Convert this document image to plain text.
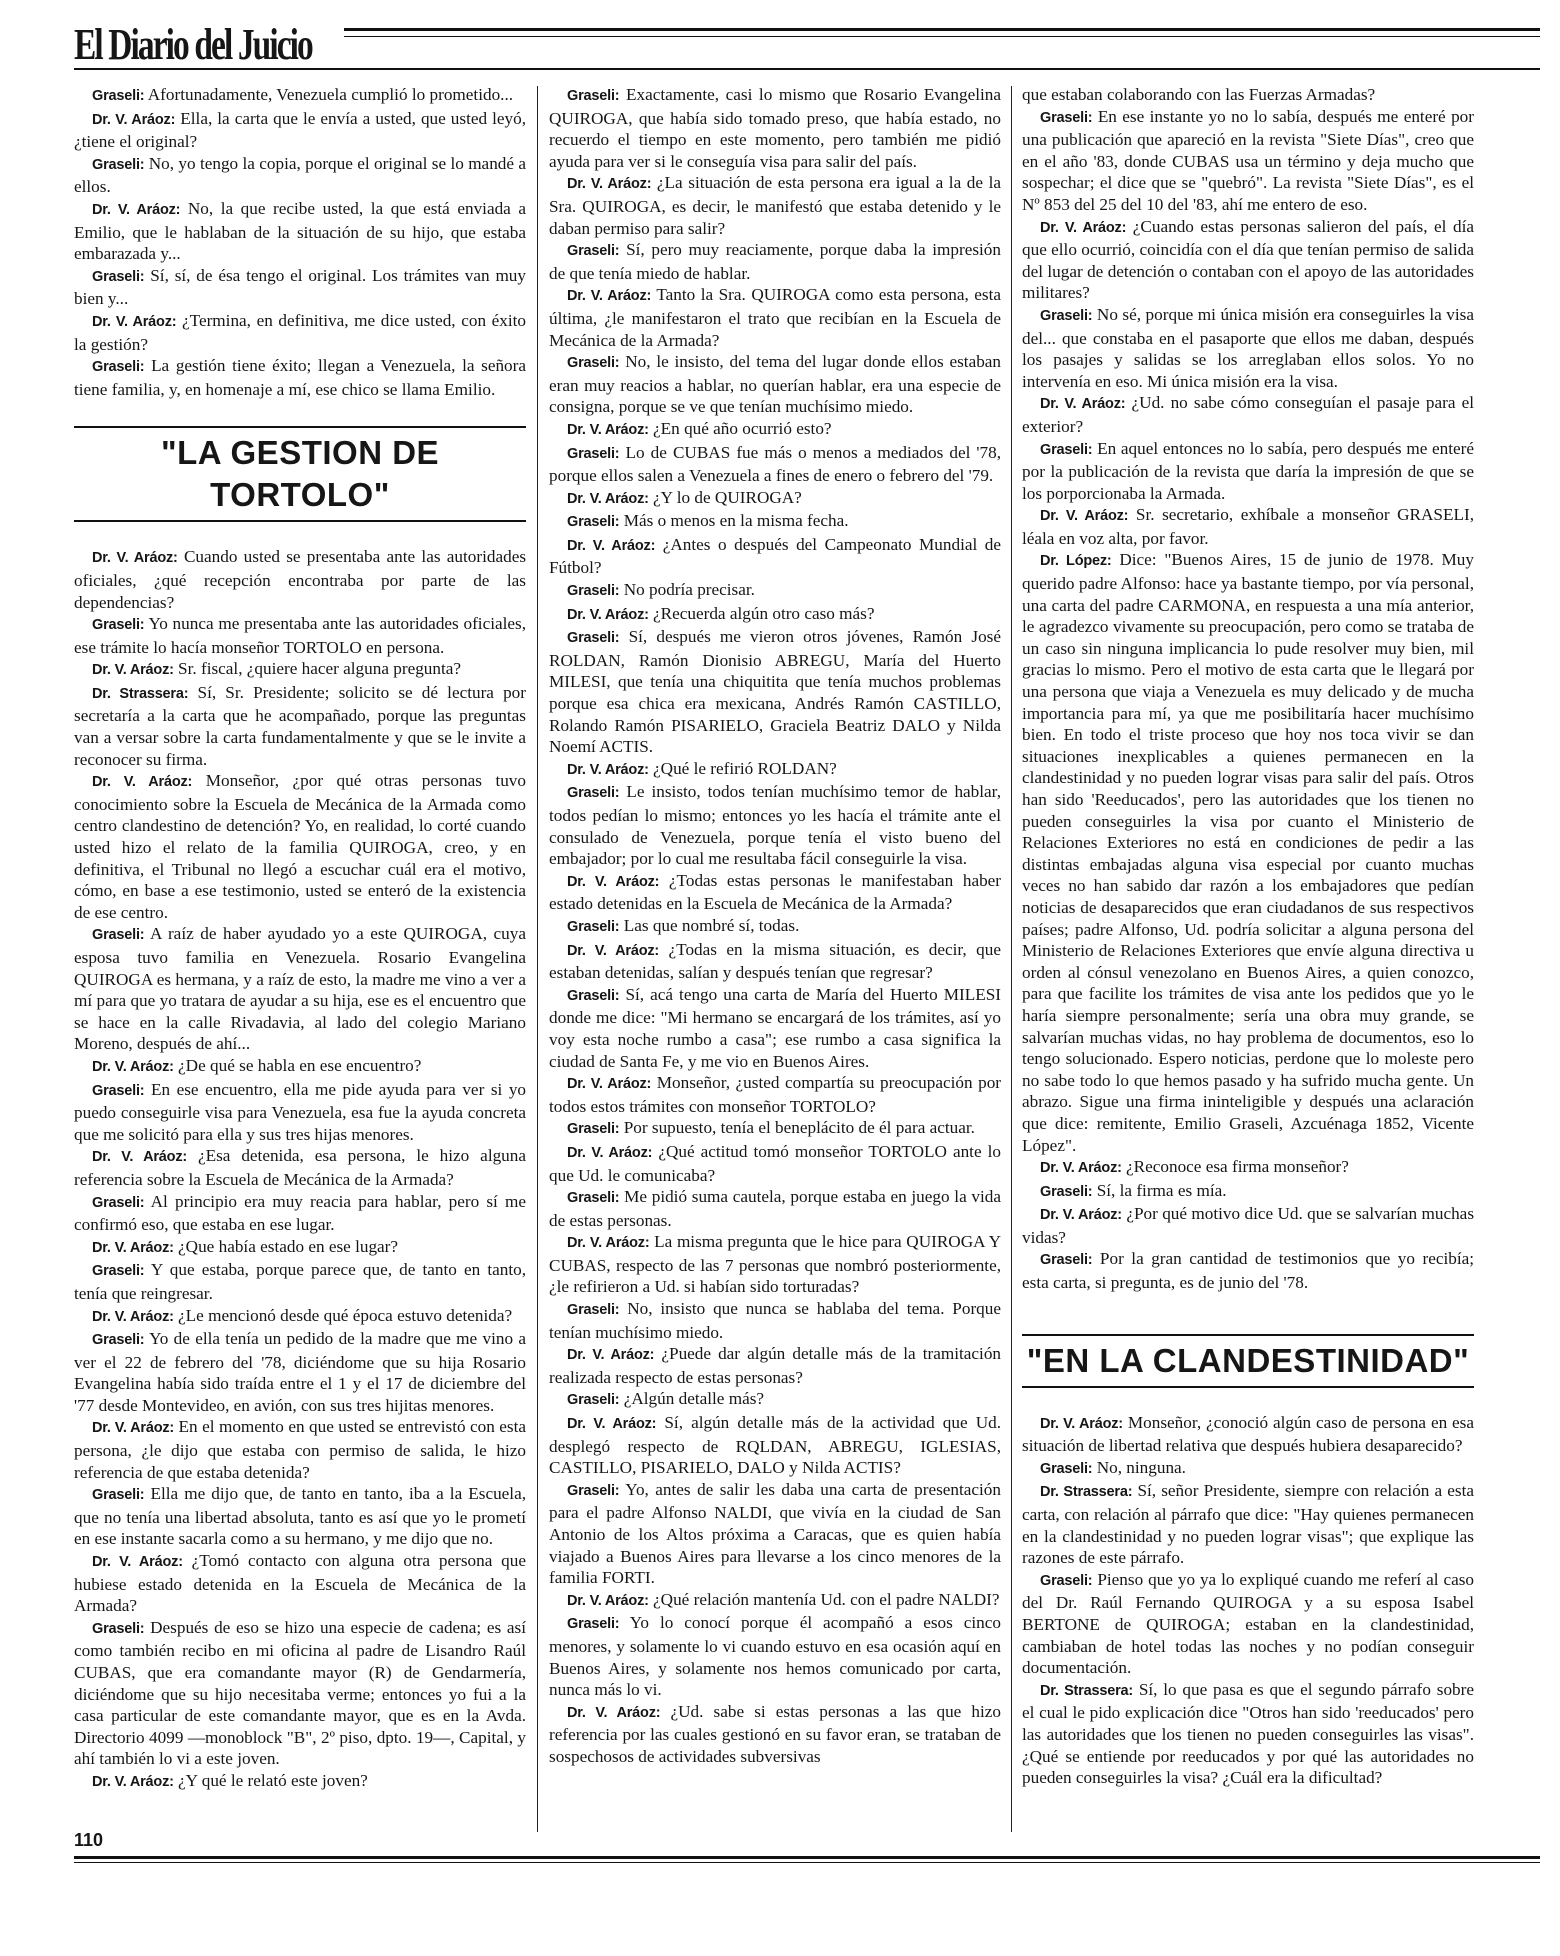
El Diario del Juicio

Graseli: Afortunadamente, Venezuela cumplió lo prometido...

Dr. V. Aráoz: Ella, la carta que le envía a usted, que usted leyó, ¿tiene el original?

Graseli: No, yo tengo la copia, porque el original se lo mandé a ellos.

Dr. V. Aráoz: No, la que recibe usted, la que está enviada a Emilio, que le hablaban de la situación de su hijo, que estaba embarazada y...

Graseli: Sí, sí, de ésa tengo el original. Los trámites van muy bien y...

Dr. V. Aráoz: ¿Termina, en definitiva, me dice usted, con éxito la gestión?

Graseli: La gestión tiene éxito; llegan a Venezuela, la señora tiene familia, y, en homenaje a mí, ese chico se llama Emilio.

"LA GESTION DE TORTOLO"

Dr. V. Aráoz: Cuando usted se presentaba ante las autoridades oficiales, ¿qué recepción encontraba por parte de las dependencias?

Graseli: Yo nunca me presentaba ante las autoridades oficiales, ese trámite lo hacía monseñor TORTOLO en persona.

Dr. V. Aráoz: Sr. fiscal, ¿quiere hacer alguna pregunta?

Dr. Strassera: Sí, Sr. Presidente; solicito se dé lectura por secretaría a la carta que he acompañado, porque las preguntas van a versar sobre la carta fundamentalmente y que se le invite a reconocer su firma.

Dr. V. Aráoz: Monseñor, ¿por qué otras personas tuvo conocimiento sobre la Escuela de Mecánica de la Armada como centro clandestino de detención? Yo, en realidad, lo corté cuando usted hizo el relato de la familia QUIROGA, creo, y en definitiva, el Tribunal no llegó a escuchar cuál era el motivo, cómo, en base a ese testimonio, usted se enteró de la existencia de ese centro.

Graseli: A raíz de haber ayudado yo a este QUIROGA, cuya esposa tuvo familia en Venezuela. Rosario Evangelina QUIROGA es hermana, y a raíz de esto, la madre me vino a ver a mí para que yo tratara de ayudar a su hija, ese es el encuentro que se hace en la calle Rivadavia, al lado del colegio Mariano Moreno, después de ahí...

Dr. V. Aráoz: ¿De qué se habla en ese encuentro?

Graseli: En ese encuentro, ella me pide ayuda para ver si yo puedo conseguirle visa para Venezuela, esa fue la ayuda concreta que me solicitó para ella y sus tres hijas menores.

Dr. V. Aráoz: ¿Esa detenida, esa persona, le hizo alguna referencia sobre la Escuela de Mecánica de la Armada?

Graseli: Al principio era muy reacia para hablar, pero sí me confirmó eso, que estaba en ese lugar.

Dr. V. Aráoz: ¿Que había estado en ese lugar?

Graseli: Y que estaba, porque parece que, de tanto en tanto, tenía que reingresar.

Dr. V. Aráoz: ¿Le mencionó desde qué época estuvo detenida?

Graseli: Yo de ella tenía un pedido de la madre que me vino a ver el 22 de febrero del '78, diciéndome que su hija Rosario Evangelina había sido traída entre el 1 y el 17 de diciembre del '77 desde Montevideo, en avión, con sus tres hijitas menores.

Dr. V. Aráoz: En el momento en que usted se entrevistó con esta persona, ¿le dijo que estaba con permiso de salida, le hizo referencia de que estaba detenida?

Graseli: Ella me dijo que, de tanto en tanto, iba a la Escuela, que no tenía una libertad absoluta, tanto es así que yo le prometí en ese instante sacarla como a su hermano, y me dijo que no.

Dr. V. Aráoz: ¿Tomó contacto con alguna otra persona que hubiese estado detenida en la Escuela de Mecánica de la Armada?

Graseli: Después de eso se hizo una especie de cadena; es así como también recibo en mi oficina al padre de Lisandro Raúl CUBAS, que era comandante mayor (R) de Gendarmería, diciéndome que su hijo necesitaba verme; entonces yo fui a la casa particular de este comandante mayor, que es en la Avda. Directorio 4099 —monoblock "B", 2º piso, dpto. 19—, Capital, y ahí también lo vi a este joven.

Dr. V. Aráoz: ¿Y qué le relató este joven?

Graseli: Exactamente, casi lo mismo que Rosario Evangelina QUIROGA, que había sido tomado preso, que había estado, no recuerdo el tiempo en este momento, pero también me pidió ayuda para ver si le conseguía visa para salir del país.

Dr. V. Aráoz: ¿La situación de esta persona era igual a la de la Sra. QUIROGA, es decir, le manifestó que estaba detenido y le daban permiso para salir?

Graseli: Sí, pero muy reaciamente, porque daba la impresión de que tenía miedo de hablar.

Dr. V. Aráoz: Tanto la Sra. QUIROGA como esta persona, esta última, ¿le manifestaron el trato que recibían en la Escuela de Mecánica de la Armada?

Graseli: No, le insisto, del tema del lugar donde ellos estaban eran muy reacios a hablar, no querían hablar, era una especie de consigna, porque se ve que tenían muchísimo miedo.

Dr. V. Aráoz: ¿En qué año ocurrió esto?

Graseli: Lo de CUBAS fue más o menos a mediados del '78, porque ellos salen a Venezuela a fines de enero o febrero del '79.

Dr. V. Aráoz: ¿Y lo de QUIROGA?

Graseli: Más o menos en la misma fecha.

Dr. V. Aráoz: ¿Antes o después del Campeonato Mundial de Fútbol?

Graseli: No podría precisar.

Dr. V. Aráoz: ¿Recuerda algún otro caso más?

Graseli: Sí, después me vieron otros jóvenes, Ramón José ROLDAN, Ramón Dionisio ABREGU, María del Huerto MILESI, que tenía una chiquitita que tenía muchos problemas porque esa chica era mexicana, Andrés Ramón CASTILLO, Rolando Ramón PISARIELO, Graciela Beatriz DALO y Nilda Noemí ACTIS.

Dr. V. Aráoz: ¿Qué le refirió ROLDAN?

Graseli: Le insisto, todos tenían muchísimo temor de hablar, todos pedían lo mismo; entonces yo les hacía el trámite ante el consulado de Venezuela, porque tenía el visto bueno del embajador; por lo cual me resultaba fácil conseguirle la visa.

Dr. V. Aráoz: ¿Todas estas personas le manifestaban haber estado detenidas en la Escuela de Mecánica de la Armada?

Graseli: Las que nombré sí, todas.

Dr. V. Aráoz: ¿Todas en la misma situación, es decir, que estaban detenidas, salían y después tenían que regresar?

Graseli: Sí, acá tengo una carta de María del Huerto MILESI donde me dice: "Mi hermano se encargará de los trámites, así yo voy esta noche rumbo a casa"; ese rumbo a casa significa la ciudad de Santa Fe, y me vio en Buenos Aires.

Dr. V. Aráoz: Monseñor, ¿usted compartía su preocupación por todos estos trámites con monseñor TORTOLO?

Graseli: Por supuesto, tenía el beneplácito de él para actuar.

Dr. V. Aráoz: ¿Qué actitud tomó monseñor TORTOLO ante lo que Ud. le comunicaba?

Graseli: Me pidió suma cautela, porque estaba en juego la vida de estas personas.

Dr. V. Aráoz: La misma pregunta que le hice para QUIROGA Y CUBAS, respecto de las 7 personas que nombró posteriormente, ¿le refirieron a Ud. si habían sido torturadas?

Graseli: No, insisto que nunca se hablaba del tema. Porque tenían muchísimo miedo.

Dr. V. Aráoz: ¿Puede dar algún detalle más de la tramitación realizada respecto de estas personas?

Graseli: ¿Algún detalle más?

Dr. V. Aráoz: Sí, algún detalle más de la actividad que Ud. desplegó respecto de RQLDAN, ABREGU, IGLESIAS, CASTILLO, PISARIELO, DALO y Nilda ACTIS?

Graseli: Yo, antes de salir les daba una carta de presentación para el padre Alfonso NALDI, que vivía en la ciudad de San Antonio de los Altos próxima a Caracas, que es quien había viajado a Buenos Aires para llevarse a los cinco menores de la familia FORTI.

Dr. V. Aráoz: ¿Qué relación mantenía Ud. con el padre NALDI?

Graseli: Yo lo conocí porque él acompañó a esos cinco menores, y solamente lo vi cuando estuvo en esa ocasión aquí en Buenos Aires, y solamente nos hemos comunicado por carta, nunca más lo vi.

Dr. V. Aráoz: ¿Ud. sabe si estas personas a las que hizo referencia por las cuales gestionó en su favor eran, se trataban de sospechosos de actividades subversivas

que estaban colaborando con las Fuerzas Armadas?

Graseli: En ese instante yo no lo sabía, después me enteré por una publicación que apareció en la revista "Siete Días", creo que en el año '83, donde CUBAS usa un término y deja mucho que sospechar; el dice que se "quebró". La revista "Siete Días", es el Nº 853 del 25 del 10 del '83, ahí me entero de eso.

Dr. V. Aráoz: ¿Cuando estas personas salieron del país, el día que ello ocurrió, coincidía con el día que tenían permiso de salida del lugar de detención o contaban con el apoyo de las autoridades militares?

Graseli: No sé, porque mi única misión era conseguirles la visa del... que constaba en el pasaporte que ellos me daban, después los pasajes y salidas se los arreglaban ellos solos. Yo no intervenía en eso. Mi única misión era la visa.

Dr. V. Aráoz: ¿Ud. no sabe cómo conseguían el pasaje para el exterior?

Graseli: En aquel entonces no lo sabía, pero después me enteré por la publicación de la revista que daría la impresión de que se los porporcionaba la Armada.

Dr. V. Aráoz: Sr. secretario, exhíbale a monseñor GRASELI, léala en voz alta, por favor.

Dr. López: Dice: "Buenos Aires, 15 de junio de 1978. Muy querido padre Alfonso: hace ya bastante tiempo, por vía personal, una carta del padre CARMONA, en respuesta a una mía anterior, le agradezco vivamente su preocupación, pero como se trataba de un caso sin ninguna implicancia lo pude resolver muy bien, mil gracias lo mismo. Pero el motivo de esta carta que le llegará por una persona que viaja a Venezuela es muy delicado y de mucha importancia para mí, ya que me posibilitaría hacer muchísimo bien. En todo el triste proceso que hoy nos toca vivir se dan situaciones inexplicables a quienes permanecen en la clandestinidad y no pueden lograr visas para salir del país. Otros han sido 'Reeducados', pero las autoridades que los tienen no pueden conseguirles la visa por cuanto el Ministerio de Relaciones Exteriores no está en condiciones de pedir a las distintas embajadas alguna visa especial por cuanto muchas veces no han sabido dar razón a los embajadores que pedían noticias de desaparecidos que eran ciudadanos de sus respectivos países; padre Alfonso, Ud. podría solicitar a alguna persona del Ministerio de Relaciones Exteriores que envíe alguna directiva u orden al cónsul venezolano en Buenos Aires, a quien conozco, para que facilite los trámites de visa ante los pedidos que yo le haría siempre personalmente; sería una obra muy grande, se salvarían muchas vidas, no hay problema de documentos, eso lo tengo solucionado. Espero noticias, perdone que lo moleste pero no sabe todo lo que hemos pasado y ha sufrido mucha gente. Un abrazo. Sigue una firma ininteligible y después una aclaración que dice: remitente, Emilio Graseli, Azcuénaga 1852, Vicente López".

Dr. V. Aráoz: ¿Reconoce esa firma monseñor?

Graseli: Sí, la firma es mía.

Dr. V. Aráoz: ¿Por qué motivo dice Ud. que se salvarían muchas vidas?

Graseli: Por la gran cantidad de testimonios que yo recibía; esta carta, si pregunta, es de junio del '78.

"EN LA CLANDESTINIDAD"

Dr. V. Aráoz: Monseñor, ¿conoció algún caso de persona en esa situación de libertad relativa que después hubiera desaparecido?

Graseli: No, ninguna.

Dr. Strassera: Sí, señor Presidente, siempre con relación a esta carta, con relación al párrafo que dice: "Hay quienes permanecen en la clandestinidad y no pueden lograr visas"; que explique las razones de este párrafo.

Graseli: Pienso que yo ya lo expliqué cuando me referí al caso del Dr. Raúl Fernando QUIROGA y a su esposa Isabel BERTONE de QUIROGA; estaban en la clandestinidad, cambiaban de hotel todas las noches y no podían conseguir documentación.

Dr. Strassera: Sí, lo que pasa es que el segundo párrafo sobre el cual le pido explicación dice "Otros han sido 'reeducados' pero las autoridades que los tienen no pueden conseguirles las visas". ¿Qué se entiende por reeducados y por qué las autoridades no pueden conseguirles la visa? ¿Cuál era la dificultad?

110
